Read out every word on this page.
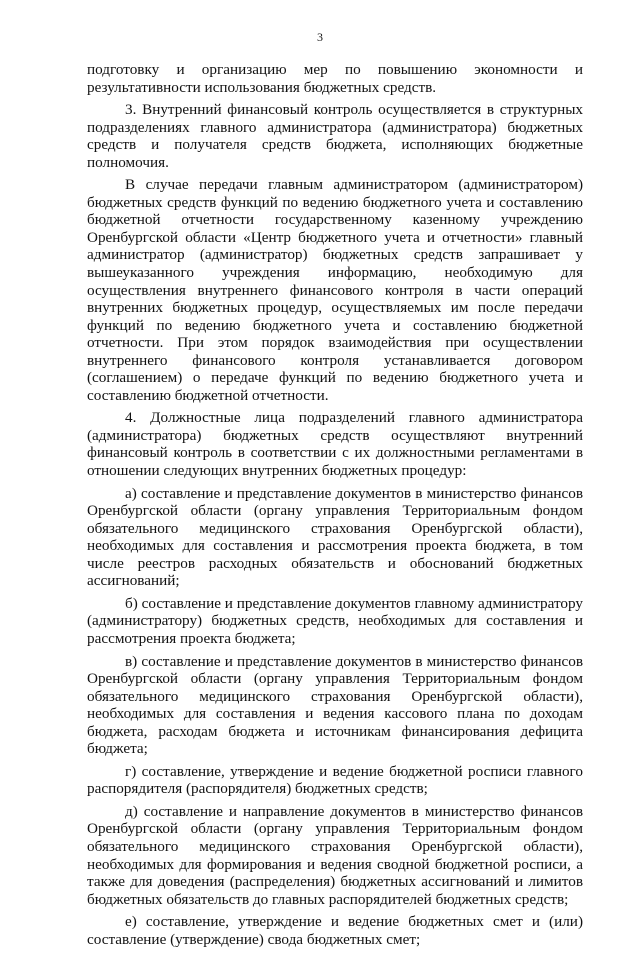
3

подготовку и организацию мер по повышению экономности и результативности использования бюджетных средств.

3. Внутренний финансовый контроль осуществляется в структурных подразделениях главного администратора (администратора) бюджетных средств и получателя средств бюджета, исполняющих бюджетные полномочия.

В случае передачи главным администратором (администратором) бюджетных средств функций по ведению бюджетного учета и составлению бюджетной отчетности государственному казенному учреждению Оренбургской области «Центр бюджетного учета и отчетности» главный администратор (администратор) бюджетных средств запрашивает у вышеуказанного учреждения информацию, необходимую для осуществления внутреннего финансового контроля в части операций внутренних бюджетных процедур, осуществляемых им после передачи функций по ведению бюджетного учета и составлению бюджетной отчетности. При этом порядок взаимодействия при осуществлении внутреннего финансового контроля устанавливается договором (соглашением) о передаче функций по ведению бюджетного учета и составлению бюджетной отчетности.

4. Должностные лица подразделений главного администратора (администратора) бюджетных средств осуществляют внутренний финансовый контроль в соответствии с их должностными регламентами в отношении следующих внутренних бюджетных процедур:

а) составление и представление документов в министерство финансов Оренбургской области (органу управления Территориальным фондом обязательного медицинского страхования Оренбургской области), необходимых для составления и рассмотрения проекта бюджета, в том числе реестров расходных обязательств и обоснований бюджетных ассигнований;

б) составление и представление документов главному администратору (администратору) бюджетных средств, необходимых для составления и рассмотрения проекта бюджета;

в) составление и представление документов в министерство финансов Оренбургской области (органу управления Территориальным фондом обязательного медицинского страхования Оренбургской области), необходимых для составления и ведения кассового плана по доходам бюджета, расходам бюджета и источникам финансирования дефицита бюджета;

г) составление, утверждение и ведение бюджетной росписи главного распорядителя (распорядителя) бюджетных средств;

д) составление и направление документов в министерство финансов Оренбургской области (органу управления Территориальным фондом обязательного медицинского страхования Оренбургской области), необходимых для формирования и ведения сводной бюджетной росписи, а также для доведения (распределения) бюджетных ассигнований и лимитов бюджетных обязательств до главных распорядителей бюджетных средств;

е) составление, утверждение и ведение бюджетных смет и (или) составление (утверждение) свода бюджетных смет;
